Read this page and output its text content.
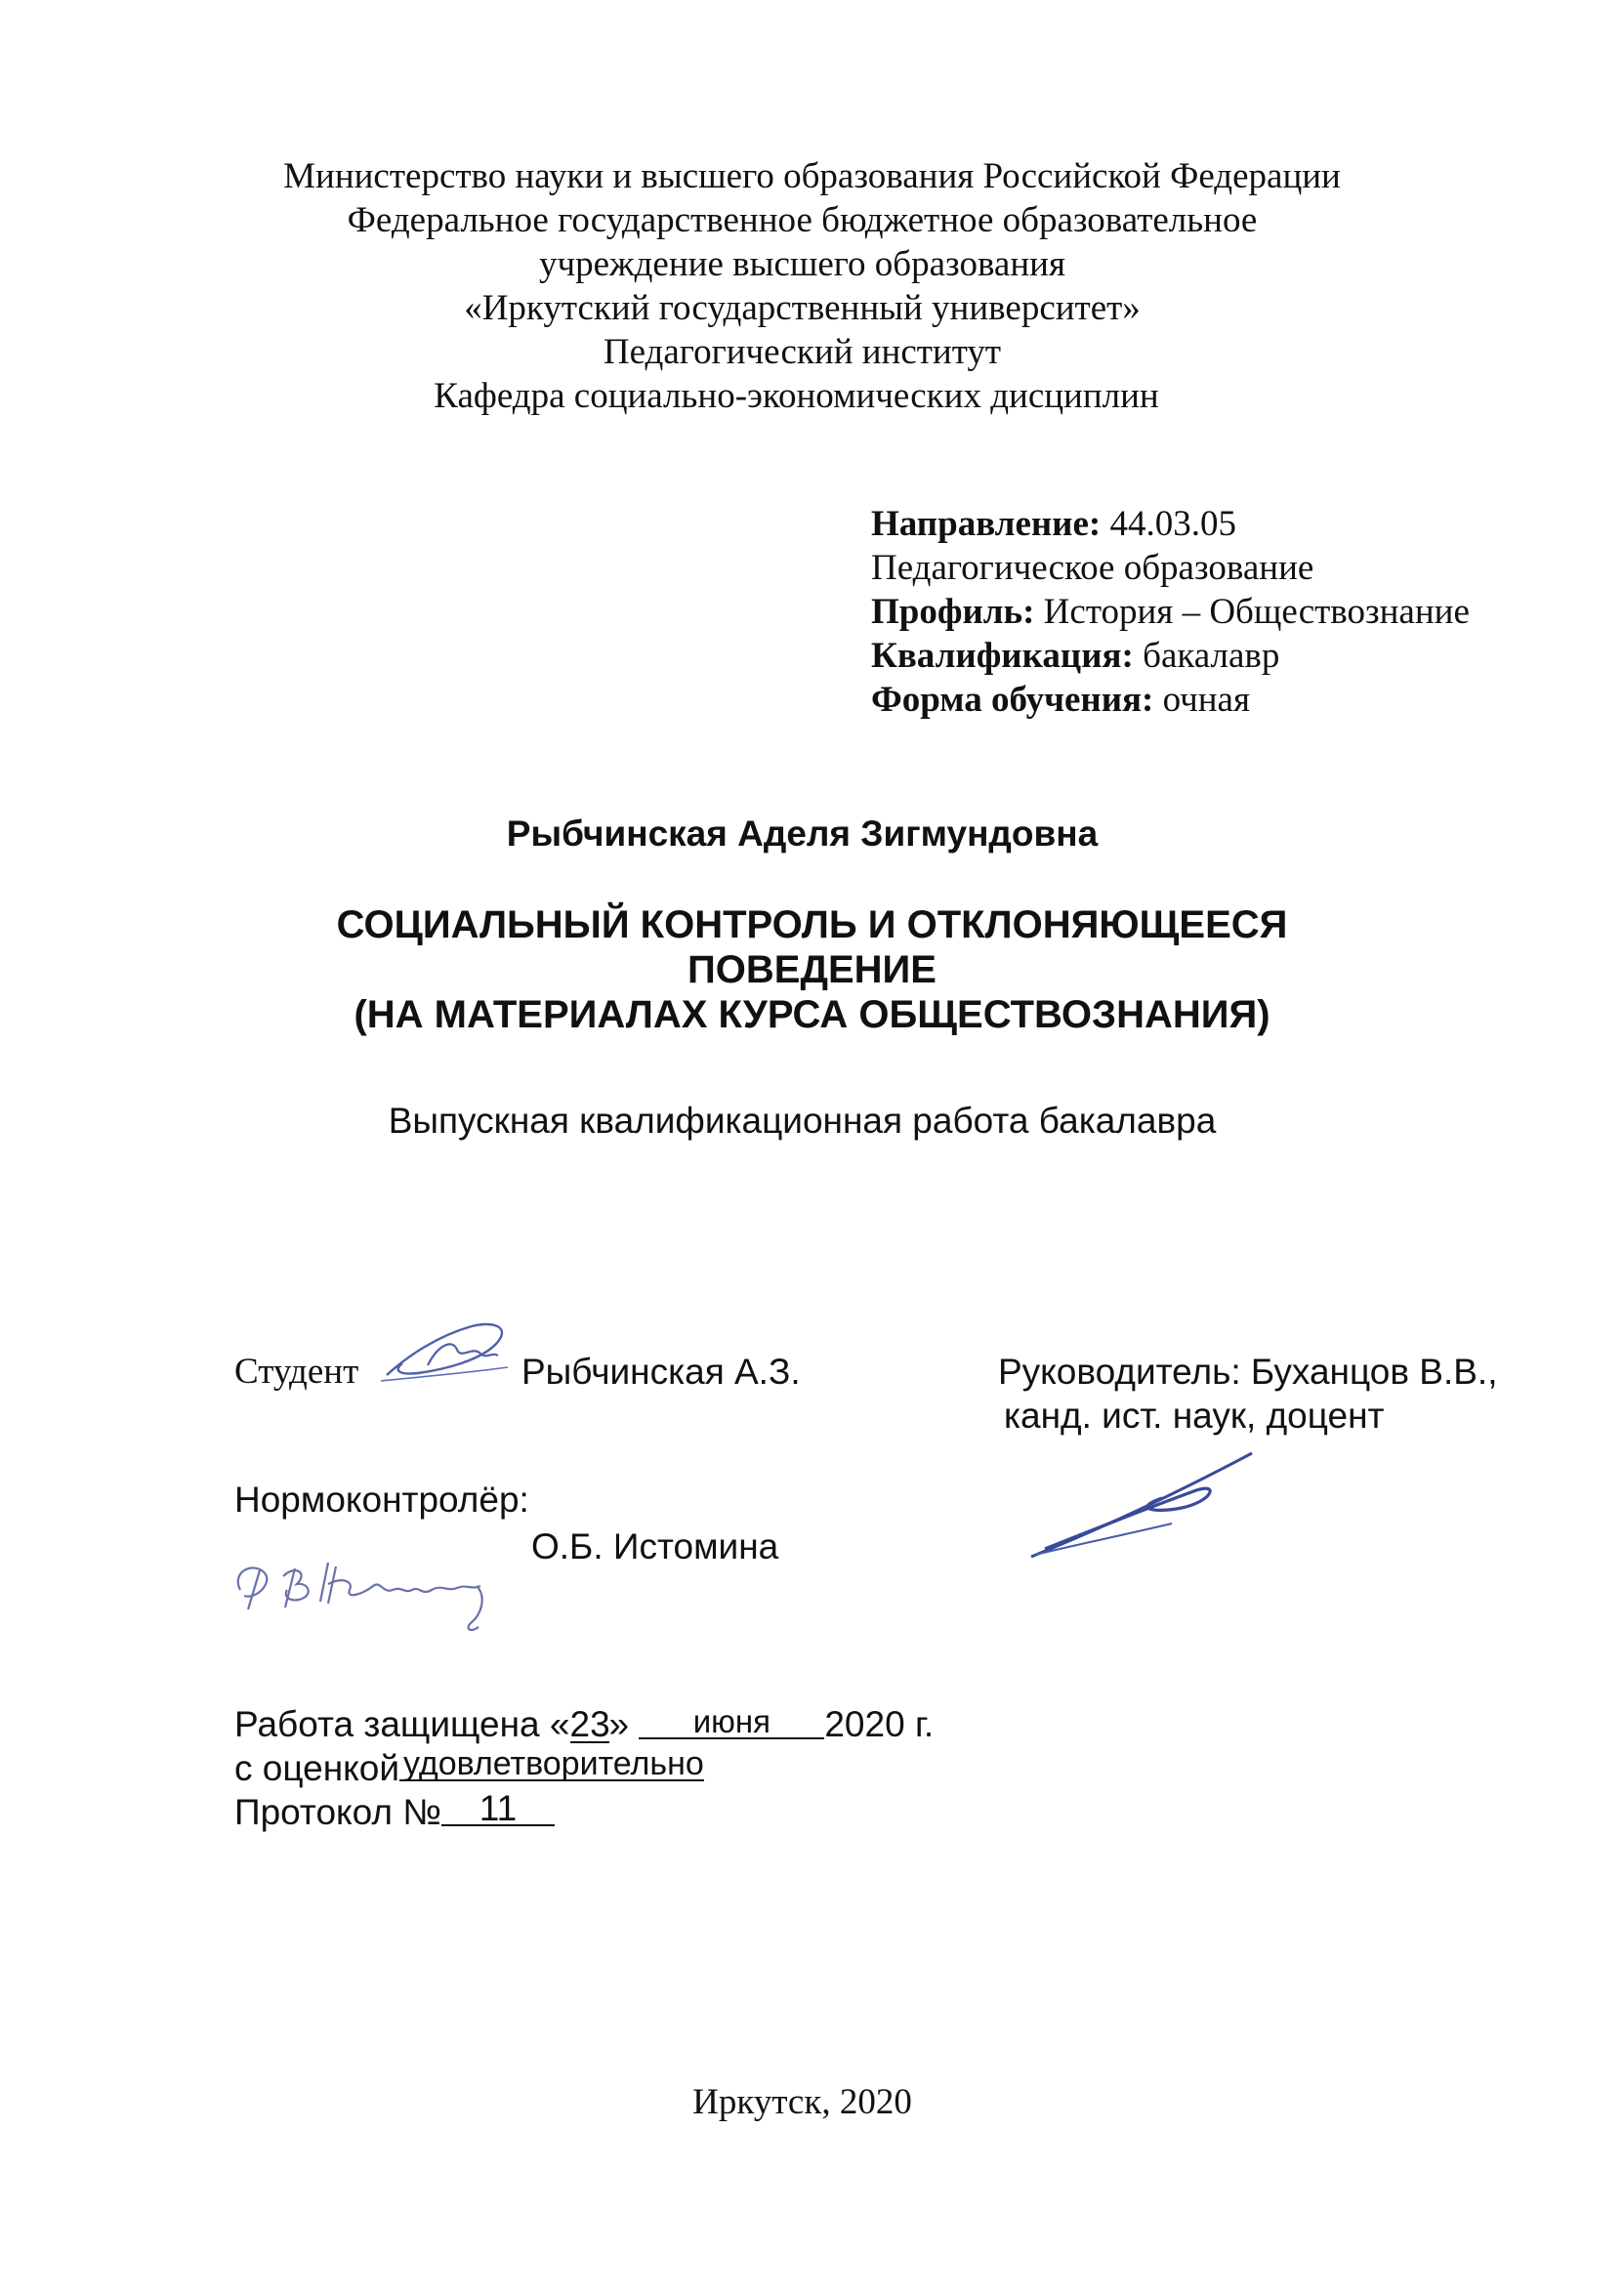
Министерство науки и высшего образования Российской Федерации
Федеральное государственное бюджетное образовательное
учреждение высшего образования
«Иркутский государственный университет»
Педагогический институт
Кафедра социально-экономических дисциплин
Направление: 44.03.05
Педагогическое образование
Профиль: История – Обществознание
Квалификация: бакалавр
Форма обучения: очная
Рыбчинская Аделя Зигмундовна
СОЦИАЛЬНЫЙ КОНТРОЛЬ И ОТКЛОНЯЮЩЕЕСЯ
ПОВЕДЕНИЕ
(НА МАТЕРИАЛАХ КУРСА ОБЩЕСТВОЗНАНИЯ)
Выпускная квалификационная работа бакалавра
Студент	Рыбчинская А.З.	Руководитель: Буханцов В.В.,
канд. ист. наук, доцент
Нормоконтролёр:
О.Б. Истомина
Работа защищена «23» июня 2020 г.
с оценкой удовлетворительно
Протокол № 11
Иркутск, 2020
